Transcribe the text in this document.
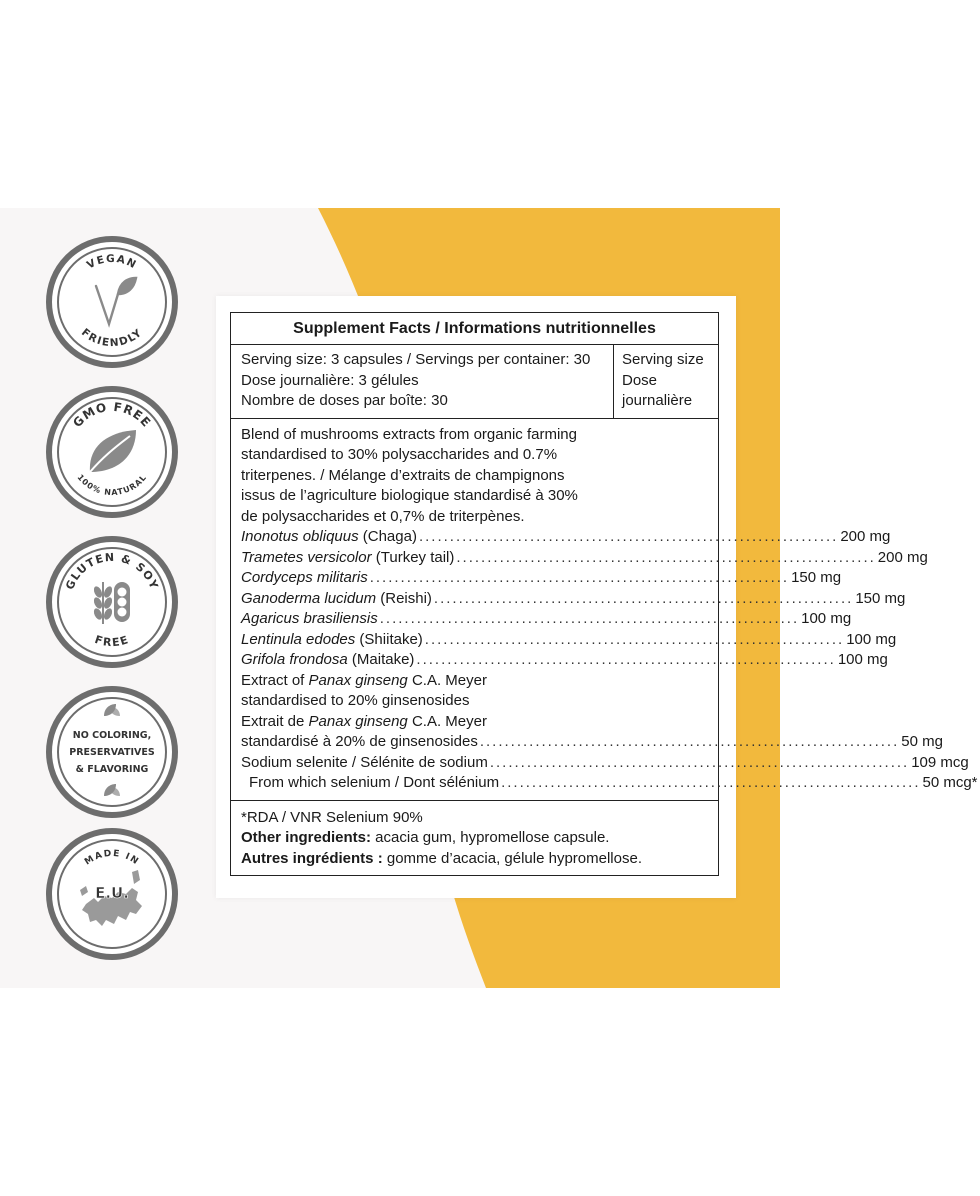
VEGAN
FRIENDLY
GMO FREE
100% NATURAL
GLUTEN & SOY
FREE
NO COLORING,
PRESERVATIVES
& FLAVORING
MADE IN
E.U.
Supplement Facts / Informations nutritionnelles
Serving size: 3 capsules / Servings per container: 30
Dose journalière: 3 gélules
Nombre de doses par boîte: 30
Serving size
Dose
journalière
Blend of mushrooms extracts from organic farming
standardised to 30% polysaccharides and 0.7%
triterpenes. / Mélange d’extraits de champignons
issus de l’agriculture biologique standardisé à 30%
de polysaccharides et 0,7% de triterpènes.
Inonotus obliquus (Chaga) .................................................................... 200 mg
Trametes versicolor (Turkey tail) .................................................................... 200 mg
Cordyceps militaris .................................................................... 150 mg
Ganoderma lucidum (Reishi) .................................................................... 150 mg
Agaricus brasiliensis .................................................................... 100 mg
Lentinula edodes (Shiitake) .................................................................... 100 mg
Grifola frondosa (Maitake) .................................................................... 100 mg
Extract of Panax ginseng C.A. Meyer
standardised to 20% ginsenosides
Extrait de Panax ginseng C.A. Meyer
standardisé à 20% de ginsenosides .................................................................... 50 mg
Sodium selenite / Sélénite de sodium .................................................................... 109 mcg
From which selenium / Dont sélénium .................................................................... 50 mcg*
*RDA / VNR Selenium 90%
Other ingredients: acacia gum, hypromellose capsule.
Autres ingrédients : gomme d’acacia, gélule hypromellose.
